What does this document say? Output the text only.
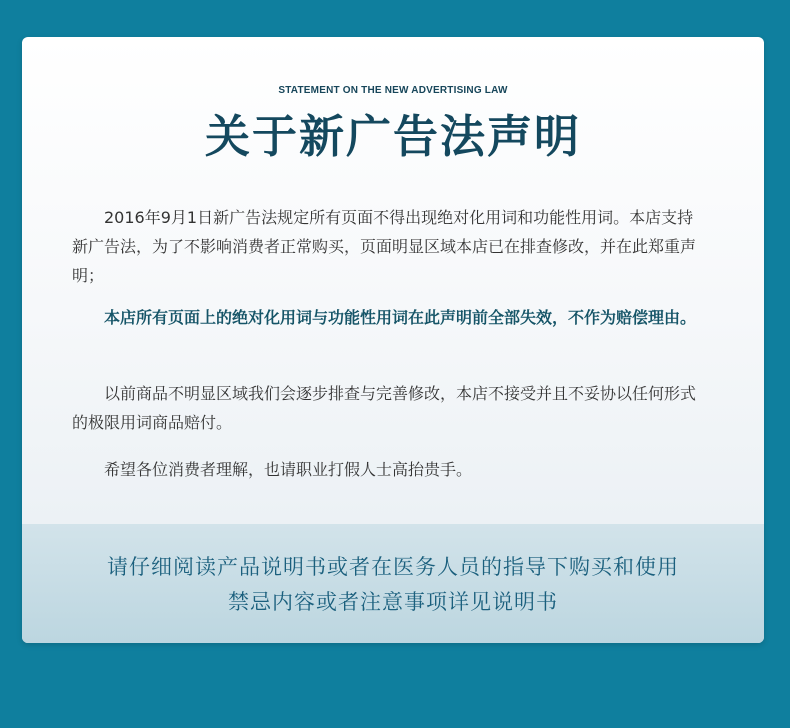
STATEMENT ON THE NEW ADVERTISING LAW

关于新广告法声明

2016年9月1日新广告法规定所有页面不得出现绝对化用词和功能性用词。本店支持新广告法，为了不影响消费者正常购买，页面明显区域本店已在排查修改，并在此郑重声明；

本店所有页面上的绝对化用词与功能性用词在此声明前全部失效，不作为赔偿理由。

以前商品不明显区域我们会逐步排查与完善修改，本店不接受并且不妥协以任何形式的极限用词商品赔付。

希望各位消费者理解，也请职业打假人士高抬贵手。

请仔细阅读产品说明书或者在医务人员的指导下购买和使用

禁忌内容或者注意事项详见说明书
